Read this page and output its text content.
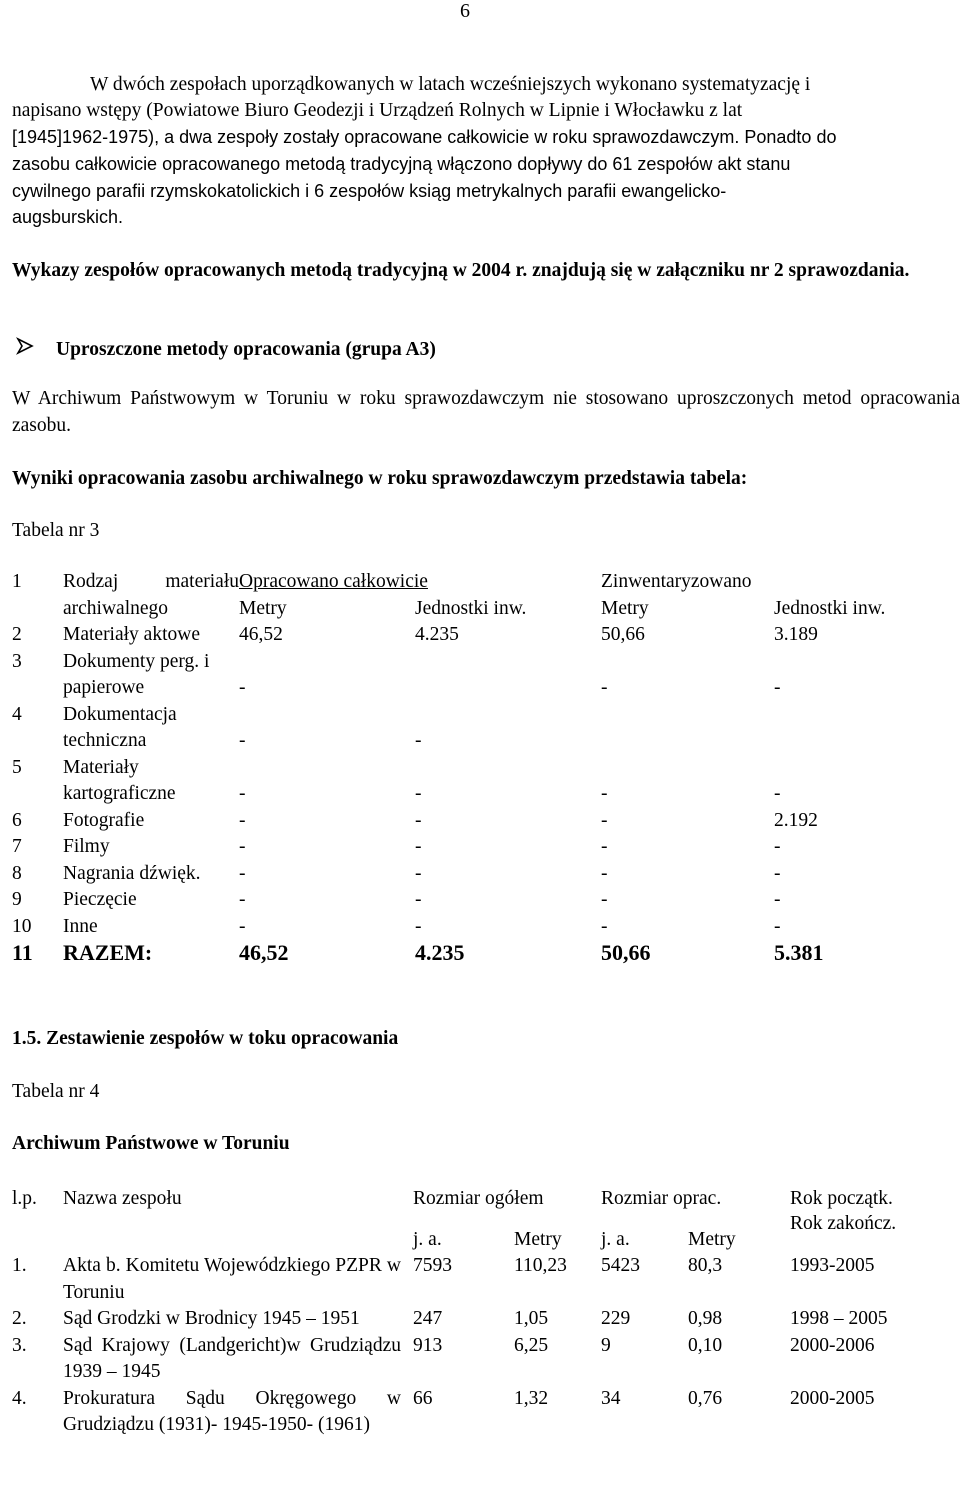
6

W dwóch zespołach uporządkowanych w latach wcześniejszych wykonano systematyzację i

napisano wstępy (Powiatowe Biuro Geodezji i Urządzeń Rolnych w Lipnie i Włocławku z lat

[1945]1962-1975), a dwa zespoły zostały opracowane całkowicie w roku sprawozdawczym. Ponadto do

zasobu całkowicie opracowanego metodą tradycyjną włączono dopływy do 61 zespołów akt stanu

cywilnego parafii rzymskokatolickich i 6 zespołów ksiąg metrykalnych parafii ewangelicko-

augsburskich.

Wykazy zespołów opracowanych metodą tradycyjną w 2004 r. znajdują się w załączniku nr 2 sprawozdania.

Uproszczone metody opracowania (grupa A3)

W Archiwum Państwowym w Toruniu w roku sprawozdawczym nie stosowano uproszczonych metod opracowania zasobu.

Wyniki opracowania zasobu archiwalnego w roku sprawozdawczym przedstawia tabela:

Tabela nr 3

1	Rodzaj materiału archiwalnego	Opracowano całkowicie		Zinwentaryzowano	
		Metry	Jednostki inw.	Metry	Jednostki inw.
2	Materiały aktowe	46,52	4.235	50,66	3.189
3	Dokumenty perg. i papierowe	-		-	-
4	Dokumentacja techniczna	-	-		
5	Materiały kartograficzne	-	-	-	-
6	Fotografie	-	-	-	2.192
7	Filmy	-	-	-	-
8	Nagrania dźwięk.	-	-	-	-
9	Pieczęcie	-	-	-	-
10	Inne	-	-	-	-
11	RAZEM:	46,52	4.235	50,66	5.381

1.5. Zestawienie zespołów w toku opracowania

Tabela nr 4

Archiwum Państwowe w Toruniu

l.p.	Nazwa zespołu	Rozmiar ogółem		Rozmiar oprac.		Rok początk.
Rok zakończ.

		j. a.	Metry	j. a.	Metry	
1.	Akta b. Komitetu Wojewódzkiego PZPR w Toruniu	7593	110,23	5423	80,3	1993-2005
2.	Sąd Grodzki w Brodnicy 1945 – 1951	247	1,05	229	0,98	1998 – 2005
3.	Sąd Krajowy (Landgericht)w Grudziądzu 1939 – 1945	913	6,25	9	0,10	2000-2006
4.	Prokuratura Sądu Okręgowego w Grudziądzu (1931)- 1945-1950- (1961)	66	1,32	34	0,76	2000-2005
